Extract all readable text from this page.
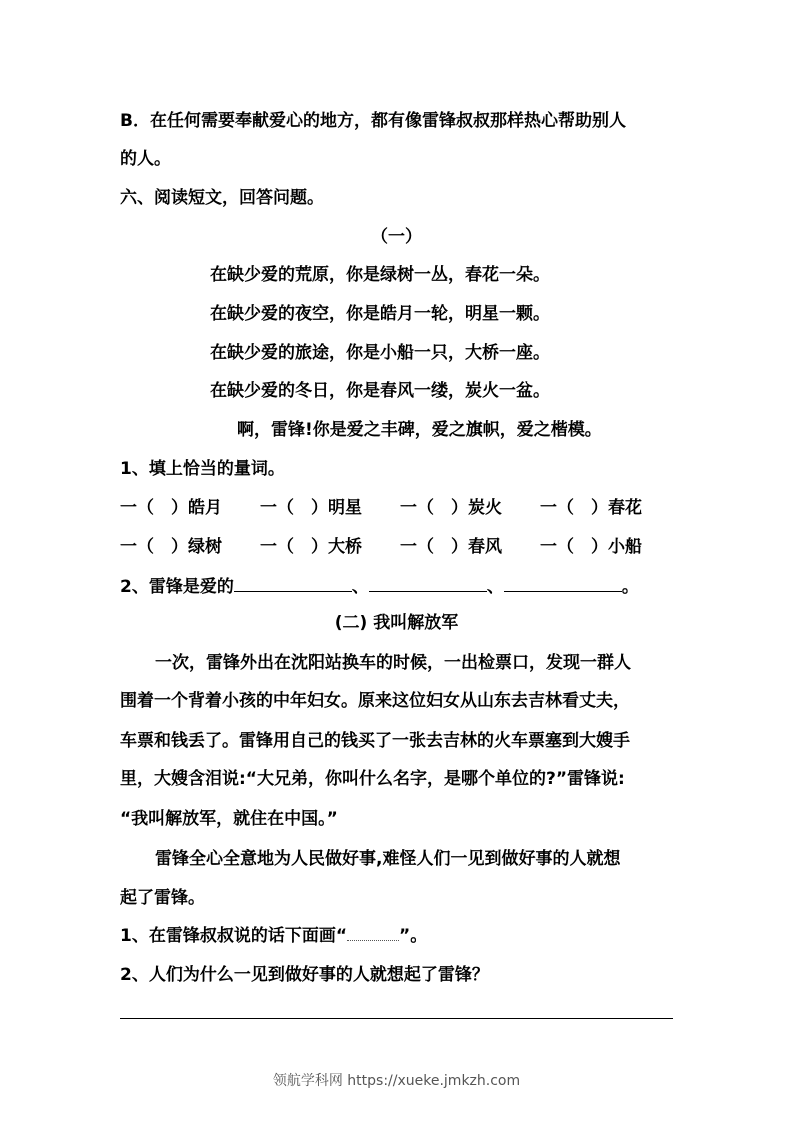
B．在任何需要奉献爱心的地方，都有像雷锋叔叔那样热心帮助别人
的人。
六、阅读短文，回答问题。
（一）
在缺少爱的荒原，你是绿树一丛，春花一朵。
在缺少爱的夜空，你是皓月一轮，明星一颗。
在缺少爱的旅途，你是小船一只，大桥一座。
在缺少爱的冬日，你是春风一缕，炭火一盆。
啊，雷锋!你是爱之丰碑，爱之旗帜，爱之楷模。
1、填上恰当的量词。
一（　）皓月 一（　）明星 一（　）炭火 一（　）春花
一（　）绿树 一（　）大桥 一（　）春风 一（　）小船
2、雷锋是爱的	、	、	。
(二) 我叫解放军
一次，雷锋外出在沈阳站换车的时候，一出检票口，发现一群人
围着一个背着小孩的中年妇女。原来这位妇女从山东去吉林看丈夫，
车票和钱丢了。雷锋用自己的钱买了一张去吉林的火车票塞到大嫂手
里，大嫂含泪说:“大兄弟，你叫什么名字，是哪个单位的?”雷锋说:
“我叫解放军，就住在中国。”
雷锋全心全意地为人民做好事,难怪人们一见到做好事的人就想
起了雷锋。
1、在雷锋叔叔说的话下面画“	”。
2、人们为什么一见到做好事的人就想起了雷锋？
领航学科网 https://xueke.jmkzh.com
